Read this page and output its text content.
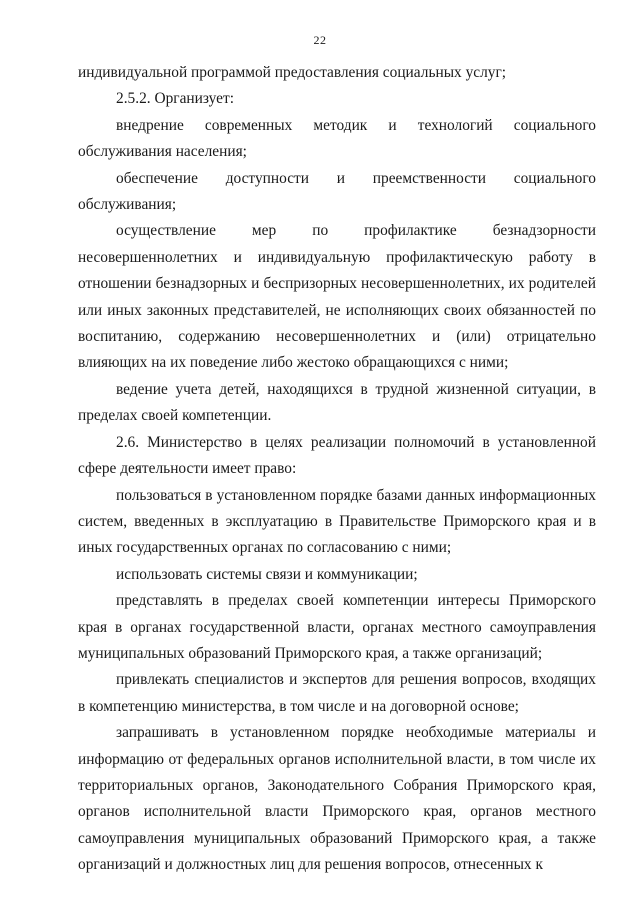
22

индивидуальной программой предоставления социальных услуг;

2.5.2. Организует:

внедрение современных методик и технологий социального обслуживания населения;

обеспечение доступности и преемственности социального обслуживания;

осуществление мер по профилактике безнадзорности несовершеннолетних и индивидуальную профилактическую работу в отношении безнадзорных и беспризорных несовершеннолетних, их родителей или иных законных представителей, не исполняющих своих обязанностей по воспитанию, содержанию несовершеннолетних и (или) отрицательно влияющих на их поведение либо жестоко обращающихся с ними;

ведение учета детей, находящихся в трудной жизненной ситуации, в пределах своей компетенции.

2.6. Министерство в целях реализации полномочий в установленной сфере деятельности имеет право:

пользоваться в установленном порядке базами данных информационных систем, введенных в эксплуатацию в Правительстве Приморского края и в иных государственных органах по согласованию с ними;

использовать системы связи и коммуникации;

представлять в пределах своей компетенции интересы Приморского края в органах государственной власти, органах местного самоуправления муниципальных образований Приморского края, а также организаций;

привлекать специалистов и экспертов для решения вопросов, входящих в компетенцию министерства, в том числе и на договорной основе;

запрашивать в установленном порядке необходимые материалы и информацию от федеральных органов исполнительной власти, в том числе их территориальных органов, Законодательного Собрания Приморского края, органов исполнительной власти Приморского края, органов местного самоуправления муниципальных образований Приморского края, а также организаций и должностных лиц для решения вопросов, отнесенных к
